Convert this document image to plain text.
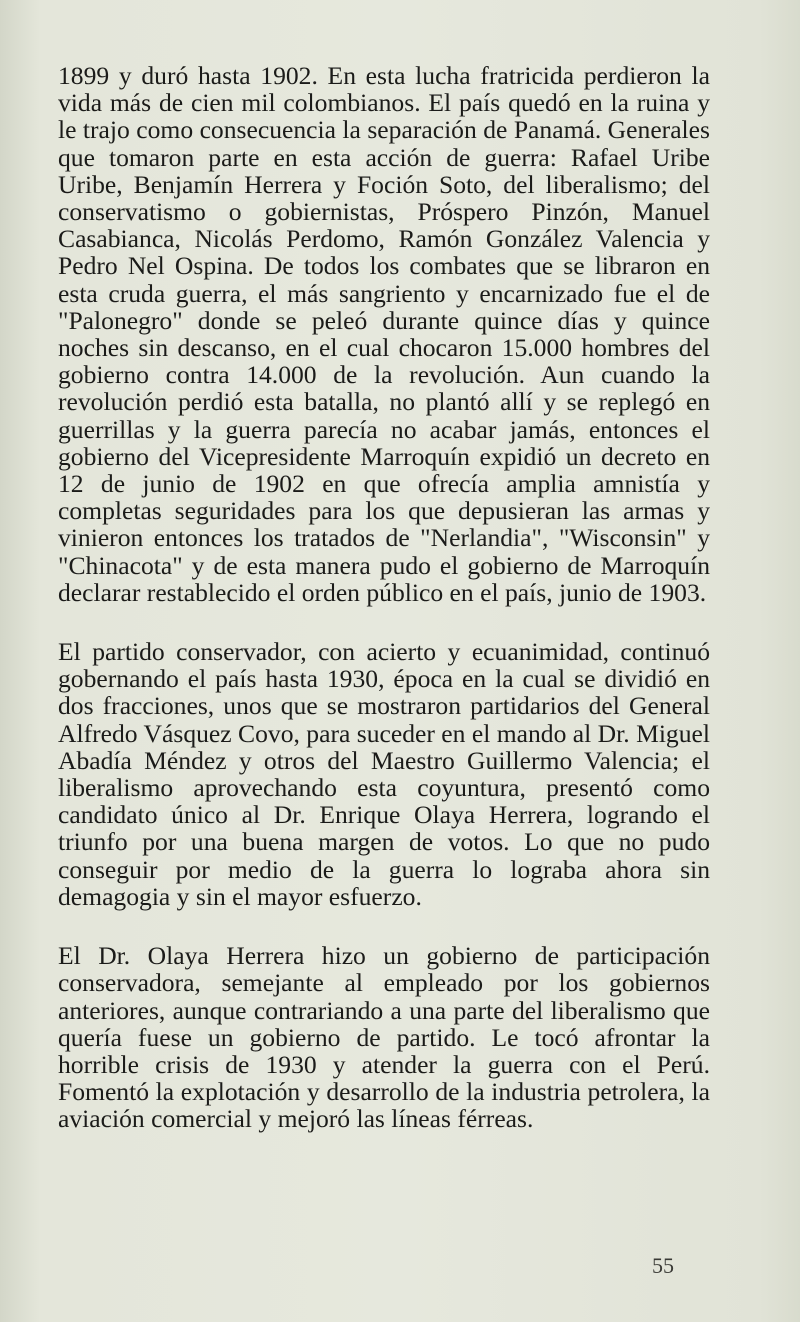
1899 y duró hasta 1902. En esta lucha fratricida perdieron la vida más de cien mil colombianos. El país quedó en la ruina y le trajo como consecuencia la separación de Panamá. Generales que tomaron parte en esta acción de guerra: Rafael Uribe Uribe, Benjamín Herrera y Foción Soto, del liberalismo; del conservatismo o gobiernistas, Próspero Pinzón, Manuel Casabianca, Nicolás Perdomo, Ramón González Valencia y Pedro Nel Ospina. De todos los combates que se libraron en esta cruda guerra, el más sangriento y encarnizado fue el de "Palonegro" donde se peleó durante quince días y quince noches sin descanso, en el cual chocaron 15.000 hombres del gobierno contra 14.000 de la revolución. Aun cuando la revolución perdió esta batalla, no plantó allí y se replegó en guerrillas y la guerra parecía no acabar jamás, entonces el gobierno del Vicepresidente Marroquín expidió un decreto en 12 de junio de 1902 en que ofrecía amplia amnistía y completas seguridades para los que depusieran las armas y vinieron entonces los tratados de "Nerlandia", "Wisconsin" y "Chinacota" y de esta manera pudo el gobierno de Marroquín declarar restablecido el orden público en el país, junio de 1903.

El partido conservador, con acierto y ecuanimidad, continuó gobernando el país hasta 1930, época en la cual se dividió en dos fracciones, unos que se mostraron partidarios del General Alfredo Vásquez Covo, para suceder en el mando al Dr. Miguel Abadía Méndez y otros del Maestro Guillermo Valencia; el liberalismo aprovechando esta coyuntura, presentó como candidato único al Dr. Enrique Olaya Herrera, logrando el triunfo por una buena margen de votos. Lo que no pudo conseguir por medio de la guerra lo lograba ahora sin demagogia y sin el mayor esfuerzo.

El Dr. Olaya Herrera hizo un gobierno de participación conservadora, semejante al empleado por los gobiernos anteriores, aunque contrariando a una parte del liberalismo que quería fuese un gobierno de partido. Le tocó afrontar la horrible crisis de 1930 y atender la guerra con el Perú. Fomentó la explotación y desarrollo de la industria petrolera, la aviación comercial y mejoró las líneas férreas.

55
